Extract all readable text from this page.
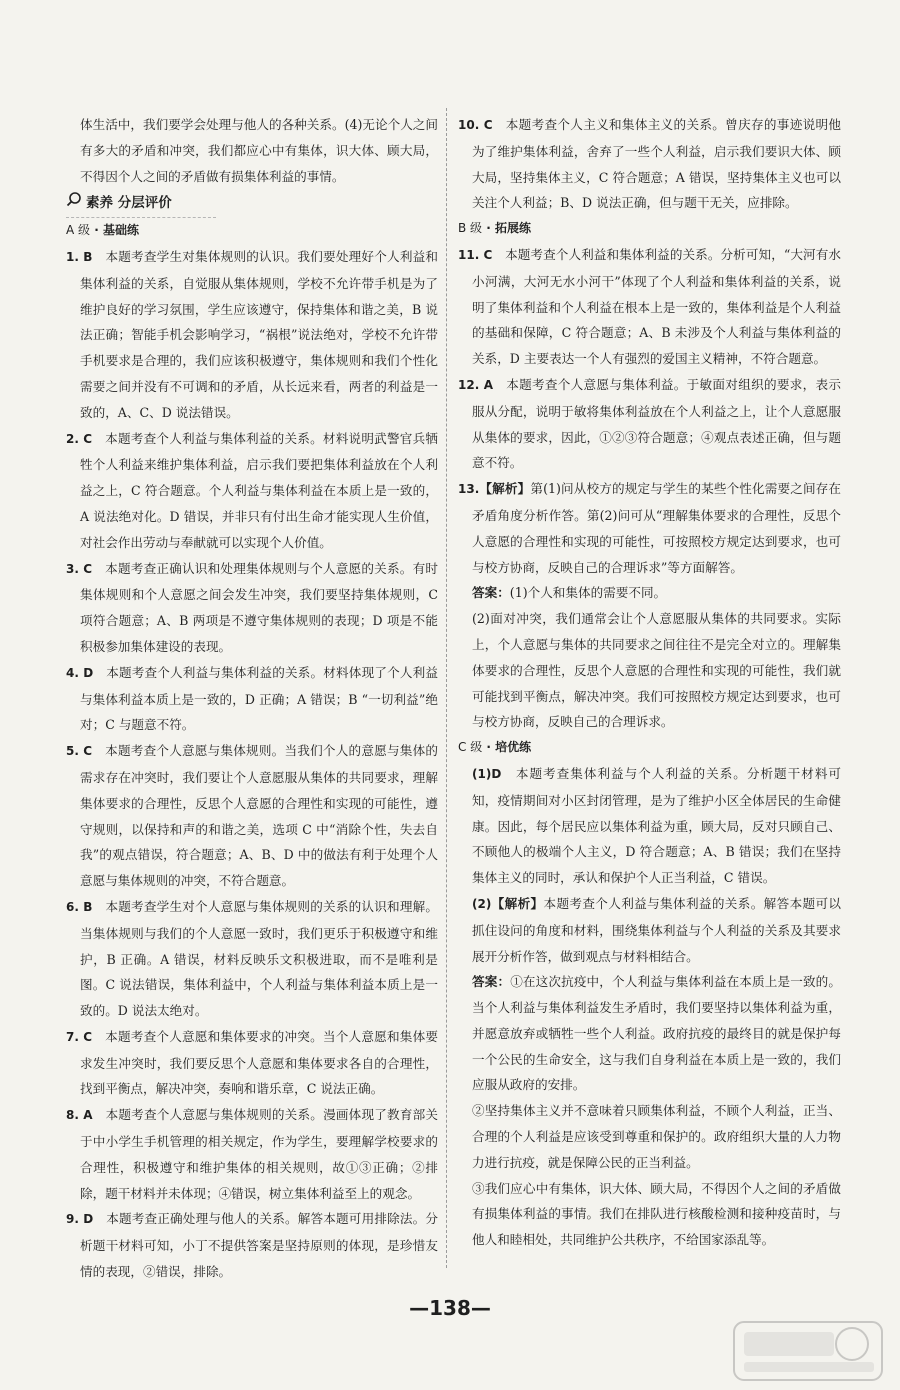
体生活中，我们要学会处理与他人的各种关系。(4)无论个人之间有多大的矛盾和冲突，我们都应心中有集体，识大体、顾大局，不得因个人之间的矛盾做有损集体利益的事情。

素养 分层评价

A 级 · 基础练

1. B　 本题考查学生对集体规则的认识。我们要处理好个人利益和集体利益的关系，自觉服从集体规则，学校不允许带手机是为了维护良好的学习氛围，学生应该遵守，保持集体和谐之美，B 说法正确；智能手机会影响学习，“祸根”说法绝对，学校不允许带手机要求是合理的，我们应该积极遵守，集体规则和我们个性化需要之间并没有不可调和的矛盾，从长远来看，两者的利益是一致的，A、C、D 说法错误。

2. C　 本题考查个人利益与集体利益的关系。材料说明武警官兵牺牲个人利益来维护集体利益，启示我们要把集体利益放在个人利益之上，C 符合题意。个人利益与集体利益在本质上是一致的，A 说法绝对化。D 错误，并非只有付出生命才能实现人生价值，对社会作出劳动与奉献就可以实现个人价值。

3. C　 本题考查正确认识和处理集体规则与个人意愿的关系。有时集体规则和个人意愿之间会发生冲突，我们要坚持集体规则，C 项符合题意；A、B 两项是不遵守集体规则的表现；D 项是不能积极参加集体建设的表现。

4. D　 本题考查个人利益与集体利益的关系。材料体现了个人利益与集体利益本质上是一致的，D 正确；A 错误；B “一切利益”绝对；C 与题意不符。

5. C　 本题考查个人意愿与集体规则。当我们个人的意愿与集体的需求存在冲突时，我们要让个人意愿服从集体的共同要求，理解集体要求的合理性，反思个人意愿的合理性和实现的可能性，遵守规则，以保持和声的和谐之美，选项 C 中“消除个性，失去自我”的观点错误，符合题意；A、B、D 中的做法有利于处理个人意愿与集体规则的冲突，不符合题意。

6. B　 本题考查学生对个人意愿与集体规则的关系的认识和理解。当集体规则与我们的个人意愿一致时，我们更乐于积极遵守和维护，B 正确。A 错误，材料反映乐文积极进取，而不是唯利是图。C 说法错误，集体利益中，个人利益与集体利益本质上是一致的。D 说法太绝对。

7. C　 本题考查个人意愿和集体要求的冲突。当个人意愿和集体要求发生冲突时，我们要反思个人意愿和集体要求各自的合理性，找到平衡点，解决冲突，奏响和谐乐章，C 说法正确。

8. A　 本题考查个人意愿与集体规则的关系。漫画体现了教育部关于中小学生手机管理的相关规定，作为学生，要理解学校要求的合理性，积极遵守和维护集体的相关规则，故①③正确；②排除，题干材料并未体现；④错误，树立集体利益至上的观念。

9. D　 本题考查正确处理与他人的关系。解答本题可用排除法。分析题干材料可知，小丁不提供答案是坚持原则的体现，是珍惜友情的表现，②错误，排除。

10. C　 本题考查个人主义和集体主义的关系。曾庆存的事迹说明他为了维护集体利益，舍弃了一些个人利益，启示我们要识大体、顾大局，坚持集体主义，C 符合题意；A 错误，坚持集体主义也可以关注个人利益；B、D 说法正确，但与题干无关，应排除。

B 级 · 拓展练

11. C　 本题考查个人利益和集体利益的关系。分析可知，“大河有水小河满，大河无水小河干”体现了个人利益和集体利益的关系，说明了集体利益和个人利益在根本上是一致的，集体利益是个人利益的基础和保障，C 符合题意；A、B 未涉及个人利益与集体利益的关系，D 主要表达一个人有强烈的爱国主义精神，不符合题意。

12. A　 本题考查个人意愿与集体利益。于敏面对组织的要求，表示服从分配，说明于敏将集体利益放在个人利益之上，让个人意愿服从集体的要求，因此，①②③符合题意；④观点表述正确，但与题意不符。

13.【解析】第(1)问从校方的规定与学生的某些个性化需要之间存在矛盾角度分析作答。第(2)问可从“理解集体要求的合理性，反思个人意愿的合理性和实现的可能性，可按照校方规定达到要求，也可与校方协商，反映自己的合理诉求”等方面解答。

答案：(1)个人和集体的需要不同。

(2)面对冲突，我们通常会让个人意愿服从集体的共同要求。实际上，个人意愿与集体的共同要求之间往往不是完全对立的。理解集体要求的合理性，反思个人意愿的合理性和实现的可能性，我们就可能找到平衡点，解决冲突。我们可按照校方规定达到要求，也可与校方协商，反映自己的合理诉求。

C 级 · 培优练

(1)D　 本题考查集体利益与个人利益的关系。分析题干材料可知，疫情期间对小区封闭管理，是为了维护小区全体居民的生命健康。因此，每个居民应以集体利益为重，顾大局，反对只顾自己、不顾他人的极端个人主义，D 符合题意；A、B 错误；我们在坚持集体主义的同时，承认和保护个人正当利益，C 错误。

(2)【解析】本题考查个人利益与集体利益的关系。解答本题可以抓住设问的角度和材料，围绕集体利益与个人利益的关系及其要求展开分析作答，做到观点与材料相结合。

答案：①在这次抗疫中，个人利益与集体利益在本质上是一致的。当个人利益与集体利益发生矛盾时，我们要坚持以集体利益为重，并愿意放弃或牺牲一些个人利益。政府抗疫的最终目的就是保护每一个公民的生命安全，这与我们自身利益在本质上是一致的，我们应服从政府的安排。

②坚持集体主义并不意味着只顾集体利益，不顾个人利益，正当、合理的个人利益是应该受到尊重和保护的。政府组织大量的人力物力进行抗疫，就是保障公民的正当利益。

③我们应心中有集体，识大体、顾大局，不得因个人之间的矛盾做有损集体利益的事情。我们在排队进行核酸检测和接种疫苗时，与他人和睦相处，共同维护公共秩序，不给国家添乱等。

—138—
